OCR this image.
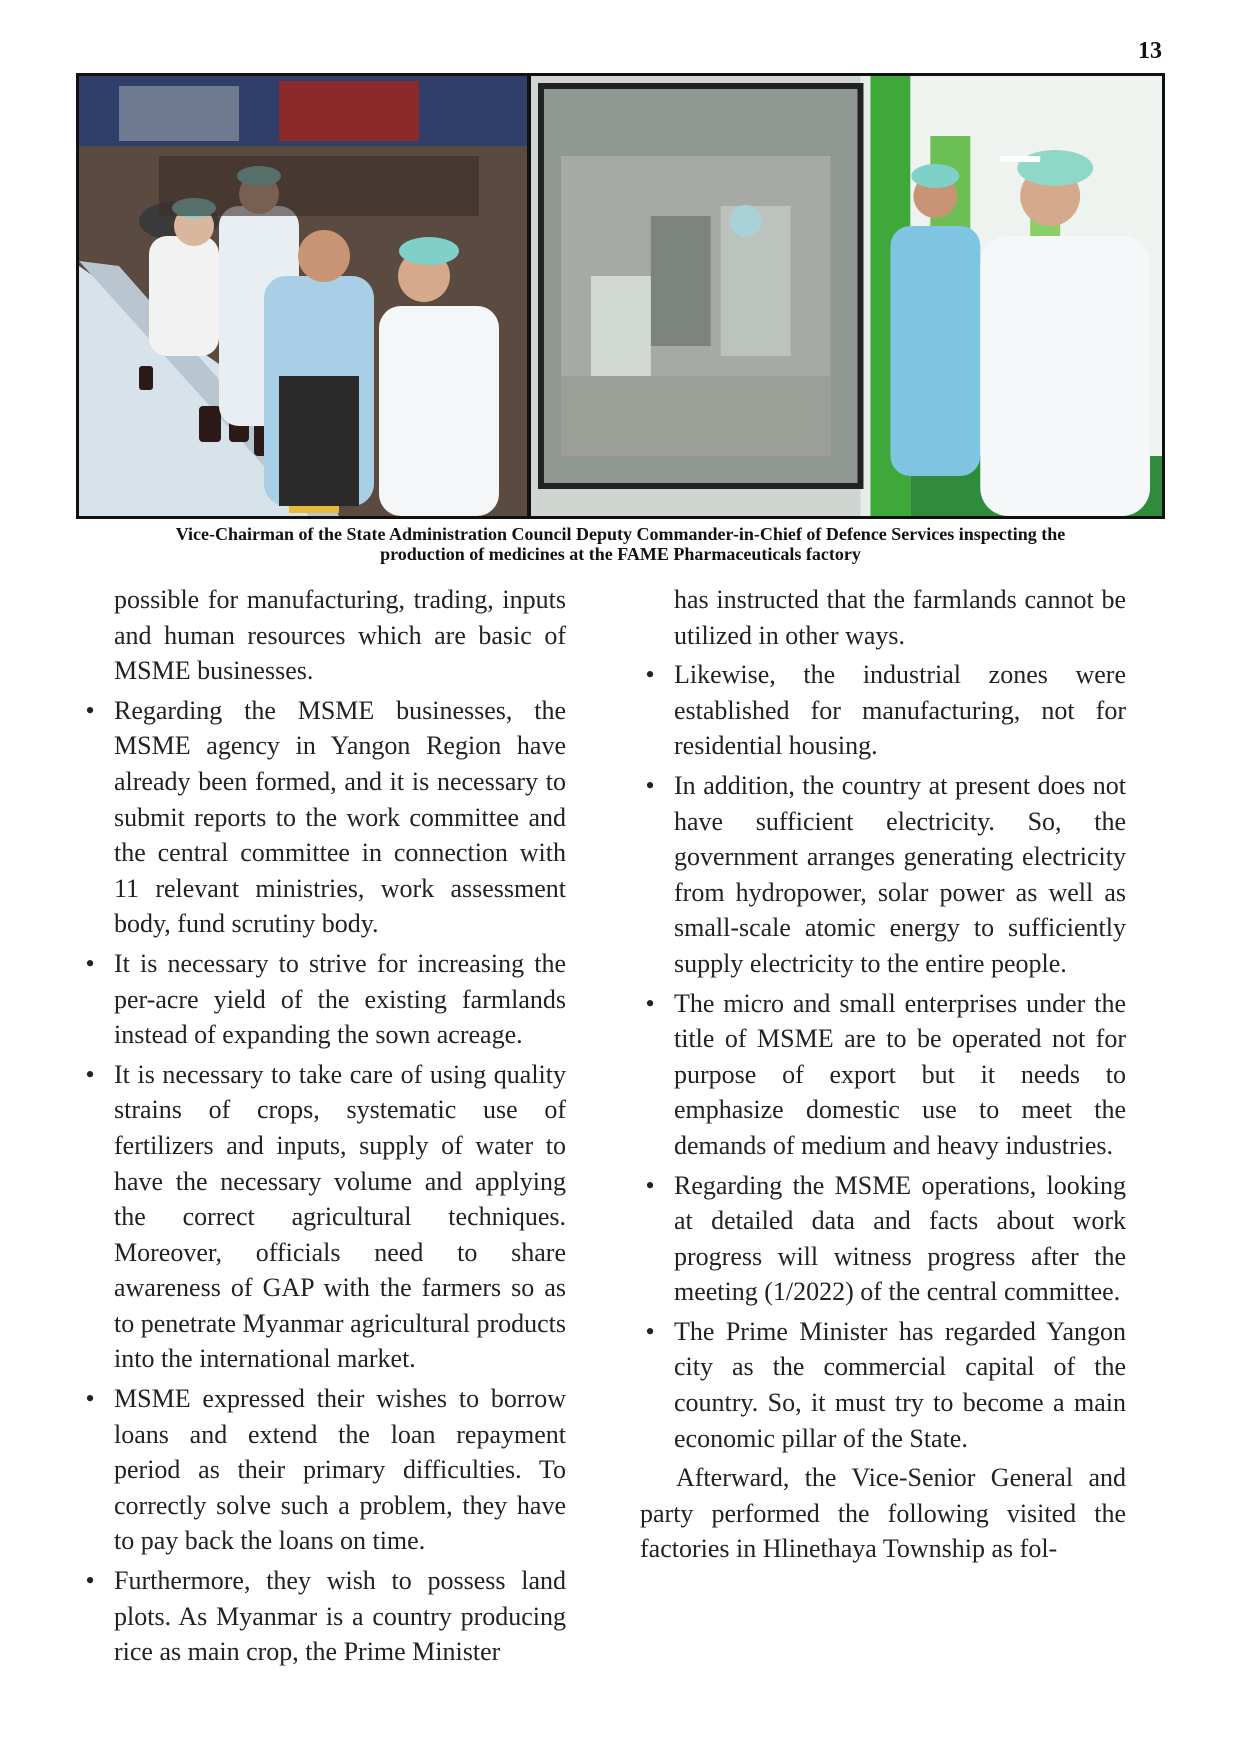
13
Vice-Chairman of the State Administration Council Deputy Commander-in-Chief of Defence Services inspecting the
production of medicines at the FAME Pharmaceuticals factory

possible for manufacturing, trading, inputs and human resources which are basic of MSME businesses.

• Regarding the MSME businesses, the MSME agency in Yangon Region have already been formed, and it is necessary to submit reports to the work committee and the central committee in connection with 11 relevant ministries, work assessment body, fund scrutiny body.
• It is necessary to strive for increasing the per-acre yield of the existing farmlands instead of expanding the sown acreage.
• It is necessary to take care of using quality strains of crops, systematic use of fertilizers and inputs, supply of water to have the necessary volume and applying the correct agricultural techniques. Moreover, officials need to share awareness of GAP with the farmers so as to penetrate Myanmar agricultural products into the international market.
• MSME expressed their wishes to borrow loans and extend the loan repayment period as their primary difficulties. To correctly solve such a problem, they have to pay back the loans on time.
• Furthermore, they wish to possess land plots. As Myanmar is a country producing rice as main crop, the Prime Minister

has instructed that the farmlands cannot be utilized in other ways.

• Likewise, the industrial zones were established for manufacturing, not for residential housing.
• In addition, the country at present does not have sufficient electricity. So, the government arranges generating electricity from hydropower, solar power as well as small-scale atomic energy to sufficiently supply electricity to the entire people.
• The micro and small enterprises under the title of MSME are to be operated not for purpose of export but it needs to emphasize domestic use to meet the demands of medium and heavy industries.
• Regarding the MSME operations, looking at detailed data and facts about work progress will witness progress after the meeting (1/2022) of the central committee.
• The Prime Minister has regarded Yangon city as the commercial capital of the country. So, it must try to become a main economic pillar of the State.

Afterward, the Vice-Senior General and party performed the following visited the factories in Hlinethaya Township as fol-
